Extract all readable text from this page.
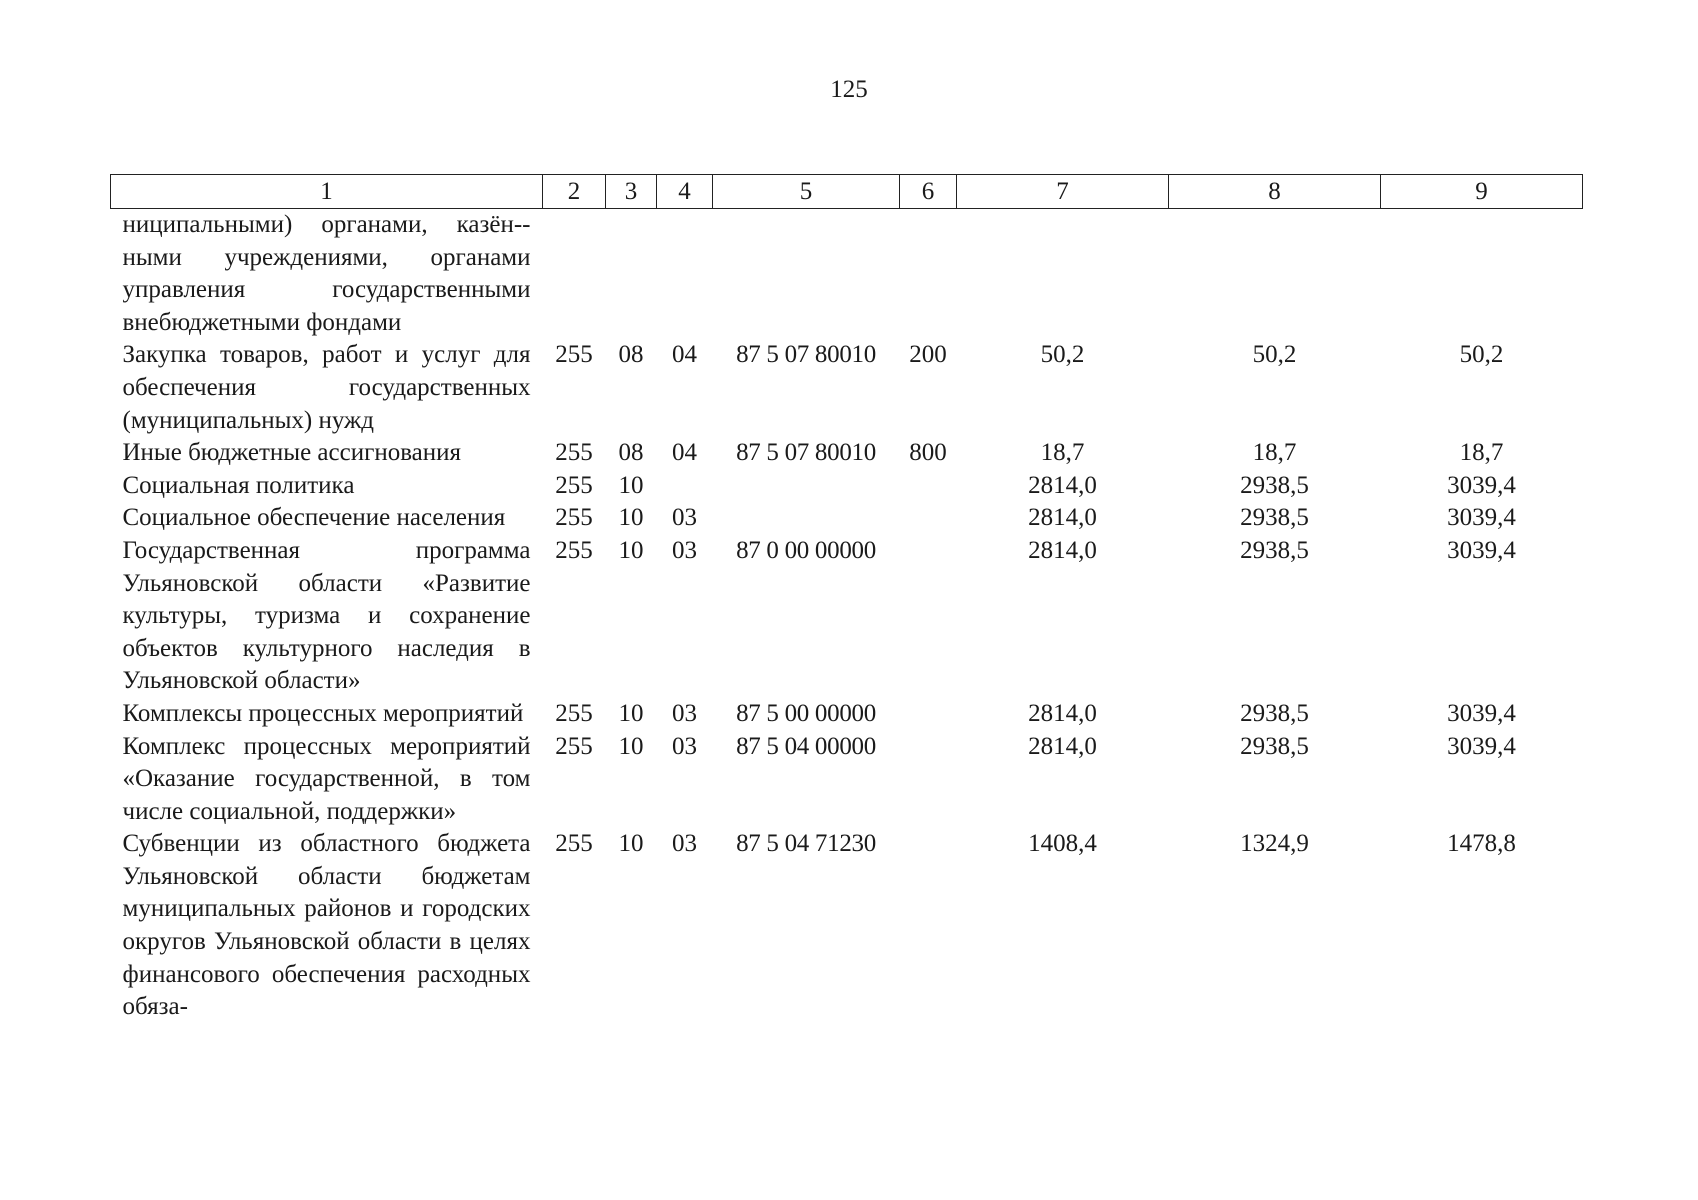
125
1	2	3	4	5	6	7	8	9
ниципальными) органами, казён-ными учреждениями, органами управления государственными внебюджетными фондами								
Закупка товаров, работ и услуг для обеспечения государственных (муниципальных) нужд	255	08	04	87 5 07 80010	200	50,2	50,2	50,2
Иные бюджетные ассигнования	255	08	04	87 5 07 80010	800	18,7	18,7	18,7
Социальная политика	255	10				2814,0	2938,5	3039,4
Социальное обеспечение населения	255	10	03			2814,0	2938,5	3039,4
Государственная программа Ульяновской области «Развитие культуры, туризма и сохранение объектов культурного наследия в Ульяновской области»	255	10	03	87 0 00 00000		2814,0	2938,5	3039,4
Комплексы процессных мероприятий	255	10	03	87 5 00 00000		2814,0	2938,5	3039,4
Комплекс процессных мероприятий «Оказание государственной, в том числе социальной, поддержки»	255	10	03	87 5 04 00000		2814,0	2938,5	3039,4
Субвенции из областного бюджета Ульяновской области бюджетам муниципальных районов и городских округов Ульяновской области в целях финансового обеспечения расходных обяза-	255	10	03	87 5 04 71230		1408,4	1324,9	1478,8
